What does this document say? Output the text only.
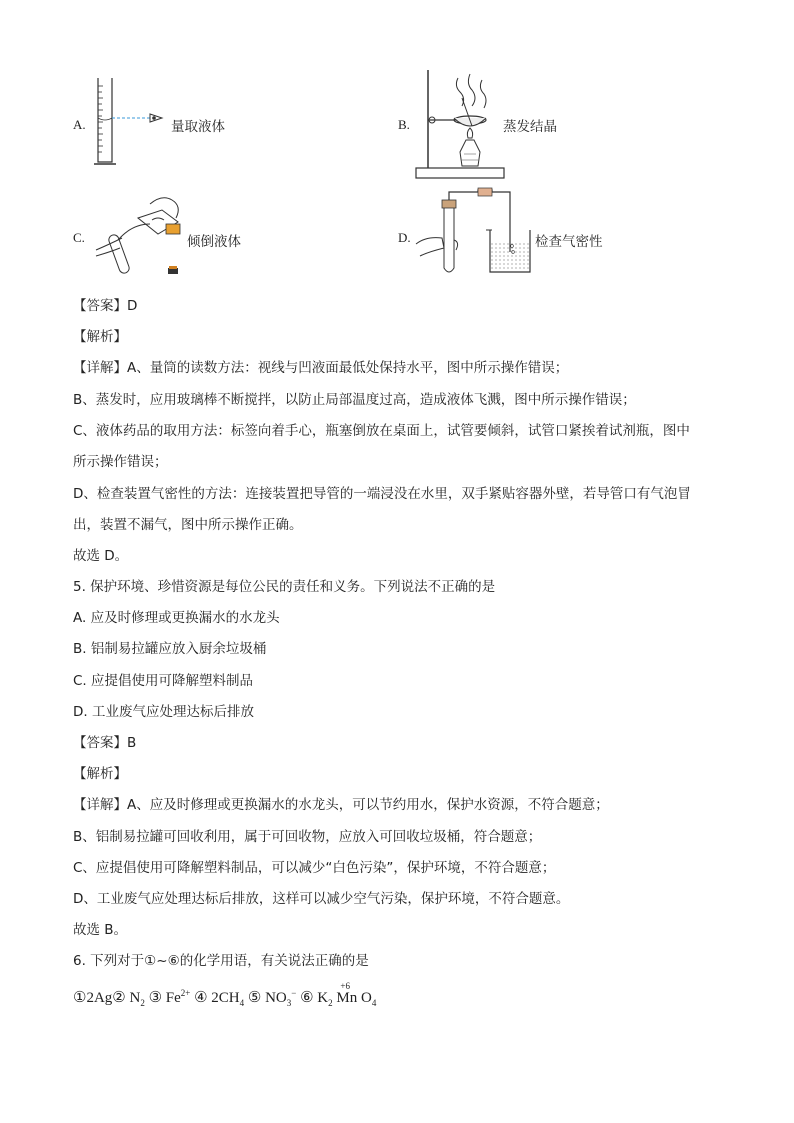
A.	量取液体	B.	蒸发结晶
C.	倾倒液体	D.	检查气密性
【答案】D
【解析】
【详解】A、量筒的读数方法：视线与凹液面最低处保持水平，图中所示操作错误；
B、蒸发时，应用玻璃棒不断搅拌，以防止局部温度过高，造成液体飞溅，图中所示操作错误；
C、液体药品的取用方法：标签向着手心，瓶塞倒放在桌面上，试管要倾斜，试管口紧挨着试剂瓶，图中
所示操作错误；
D、检查装置气密性的方法：连接装置把导管的一端浸没在水里，双手紧贴容器外壁，若导管口有气泡冒
出，装置不漏气，图中所示操作正确。
故选 D。
5. 保护环境、珍惜资源是每位公民的责任和义务。下列说法不正确的是
A. 应及时修理或更换漏水的水龙头
B. 铝制易拉罐应放入厨余垃圾桶
C. 应提倡使用可降解塑料制品
D. 工业废气应处理达标后排放
【答案】B
【解析】
【详解】A、应及时修理或更换漏水的水龙头，可以节约用水，保护水资源，不符合题意；
B、铝制易拉罐可回收利用，属于可回收物，应放入可回收垃圾桶，符合题意；
C、应提倡使用可降解塑料制品，可以减少“白色污染”，保护环境，不符合题意；
D、工业废气应处理达标后排放，这样可以减少空气污染，保护环境，不符合题意。
故选 B。
6. 下列对于①~⑥的化学用语，有关说法正确的是
①2Ag② $N_2$ ③ $Fe^{2+}$ ④ $2CH_4$ ⑤ $NO_3^-$ ⑥ $K_2$
+6
Mn $O_4$
